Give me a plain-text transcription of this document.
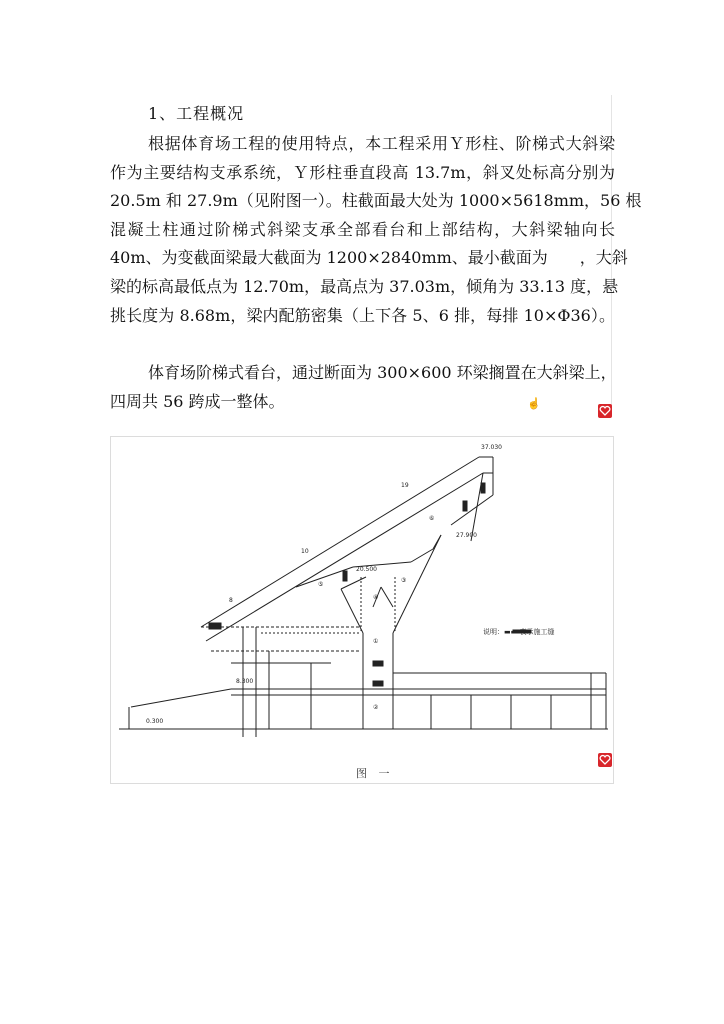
1、工程概况
根据体育场工程的使用特点，本工程采用Ｙ形柱、阶梯式大斜梁
作为主要结构支承系统，Ｙ形柱垂直段高 13.7m，斜叉处标高分别为
20.5m 和 27.9m（见附图一）。柱截面最大处为 1000×5618mm，56 根
混凝土柱通过阶梯式斜梁支承全部看台和上部结构，大斜梁轴向长
40m、为变截面梁最大截面为 1200×2840mm、最小截面为　　，大斜
梁的标高最低点为 12.70m，最高点为 37.03m，倾角为 33.13 度，悬
挑长度为 8.68m，梁内配筋密集（上下各 5、6 排，每排 10×Φ36）。
体育场阶梯式看台，通过断面为 300×600 环梁搁置在大斜梁上，
四周共 56 跨成一整体。	☝
19
10
8
27.900
20.500
8.300
0.300
37.030
⑥
⑤
④
③
①
②
说明：▬▬ 表示施工缝
图 一
